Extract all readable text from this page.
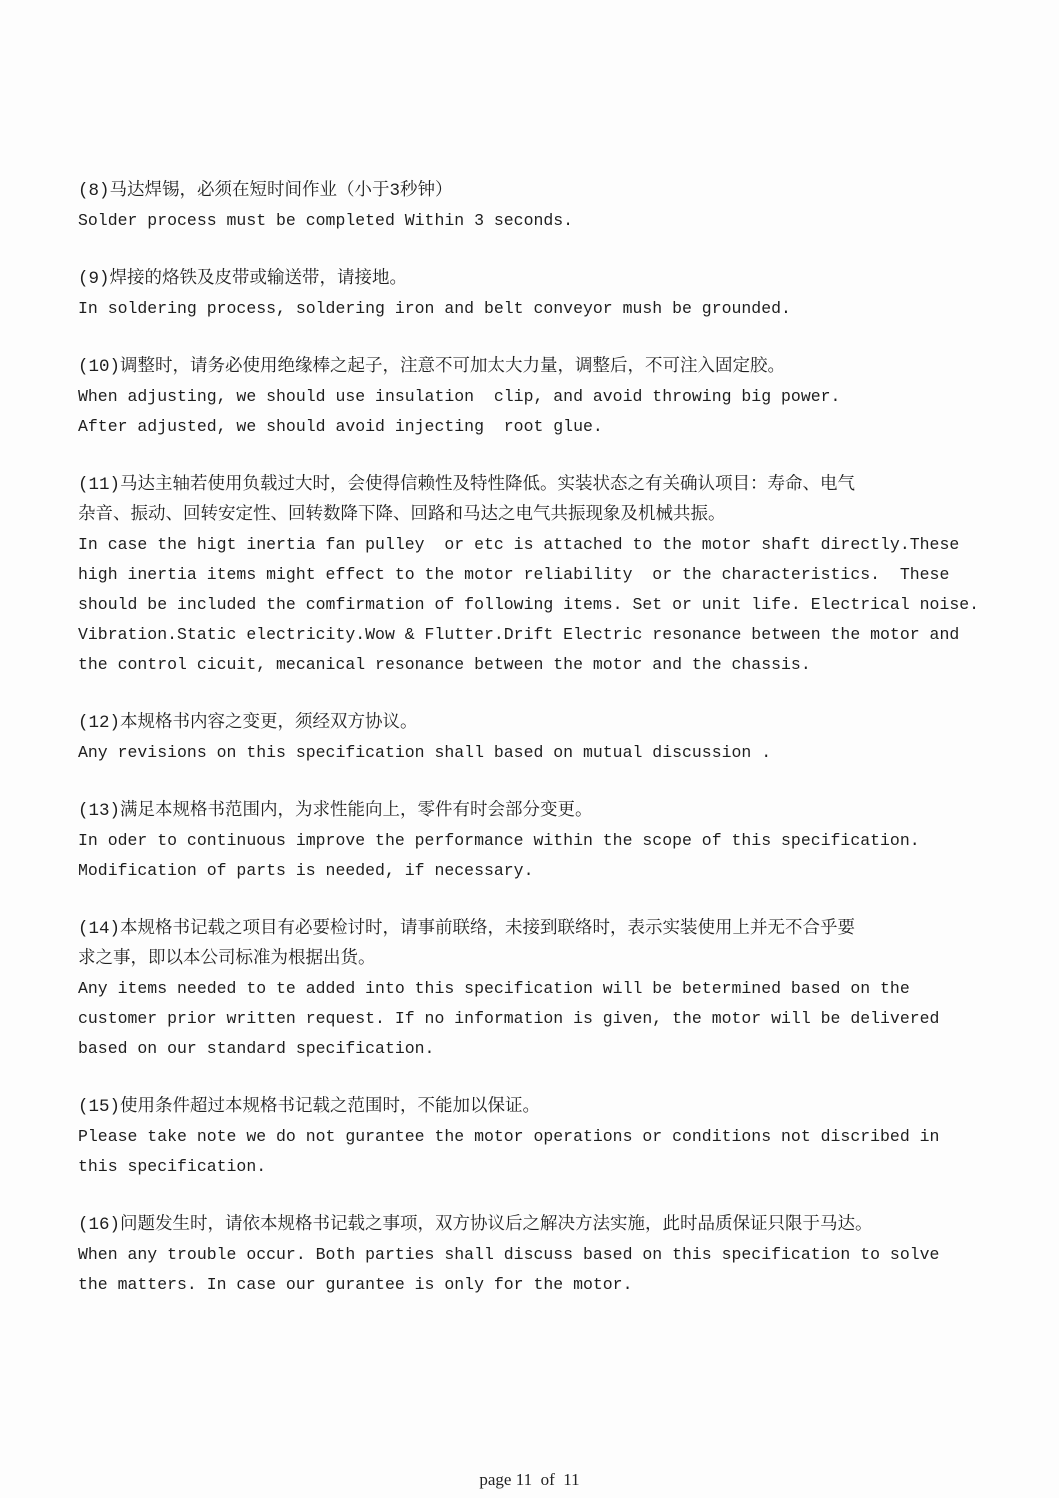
(8)马达焊锡，必须在短时间作业（小于3秒钟）
Solder process must be completed Within 3 seconds.
(9)焊接的烙铁及皮带或输送带，请接地。
In soldering process, soldering iron and belt conveyor mush be grounded.
(10)调整时，请务必使用绝缘棒之起子，注意不可加太大力量，调整后，不可注入固定胶。
When adjusting, we should use insulation  clip, and avoid throwing big power.
After adjusted, we should avoid injecting  root glue.
(11)马达主轴若使用负载过大时，会使得信赖性及特性降低。实装状态之有关确认项目：寿命、电气
杂音、振动、回转安定性、回转数降下降、回路和马达之电气共振现象及机械共振。
In case the higt inertia fan pulley  or etc is attached to the motor shaft directly.These
high inertia items might effect to the motor reliability  or the characteristics.  These
should be included the comfirmation of following items. Set or unit life. Electrical noise.
Vibration.Static electricity.Wow & Flutter.Drift Electric resonance between the motor and
the control cicuit, mecanical resonance between the motor and the chassis.
(12)本规格书内容之变更，须经双方协议。
Any revisions on this specification shall based on mutual discussion .
(13)满足本规格书范围内，为求性能向上，零件有时会部分变更。
In oder to continuous improve the performance within the scope of this specification.
Modification of parts is needed, if necessary.
(14)本规格书记载之项目有必要检讨时，请事前联络，未接到联络时，表示实装使用上并无不合乎要
求之事，即以本公司标准为根据出货。
Any items needed to te added into this specification will be betermined based on the
customer prior written request. If no information is given, the motor will be delivered
based on our standard specification.
(15)使用条件超过本规格书记载之范围时，不能加以保证。
Please take note we do not gurantee the motor operations or conditions not discribed in
this specification.
(16)问题发生时，请依本规格书记载之事项，双方协议后之解决方法实施，此时品质保证只限于马达。
When any trouble occur. Both parties shall discuss based on this specification to solve
the matters. In case our gurantee is only for the motor.
page 11  of  11
